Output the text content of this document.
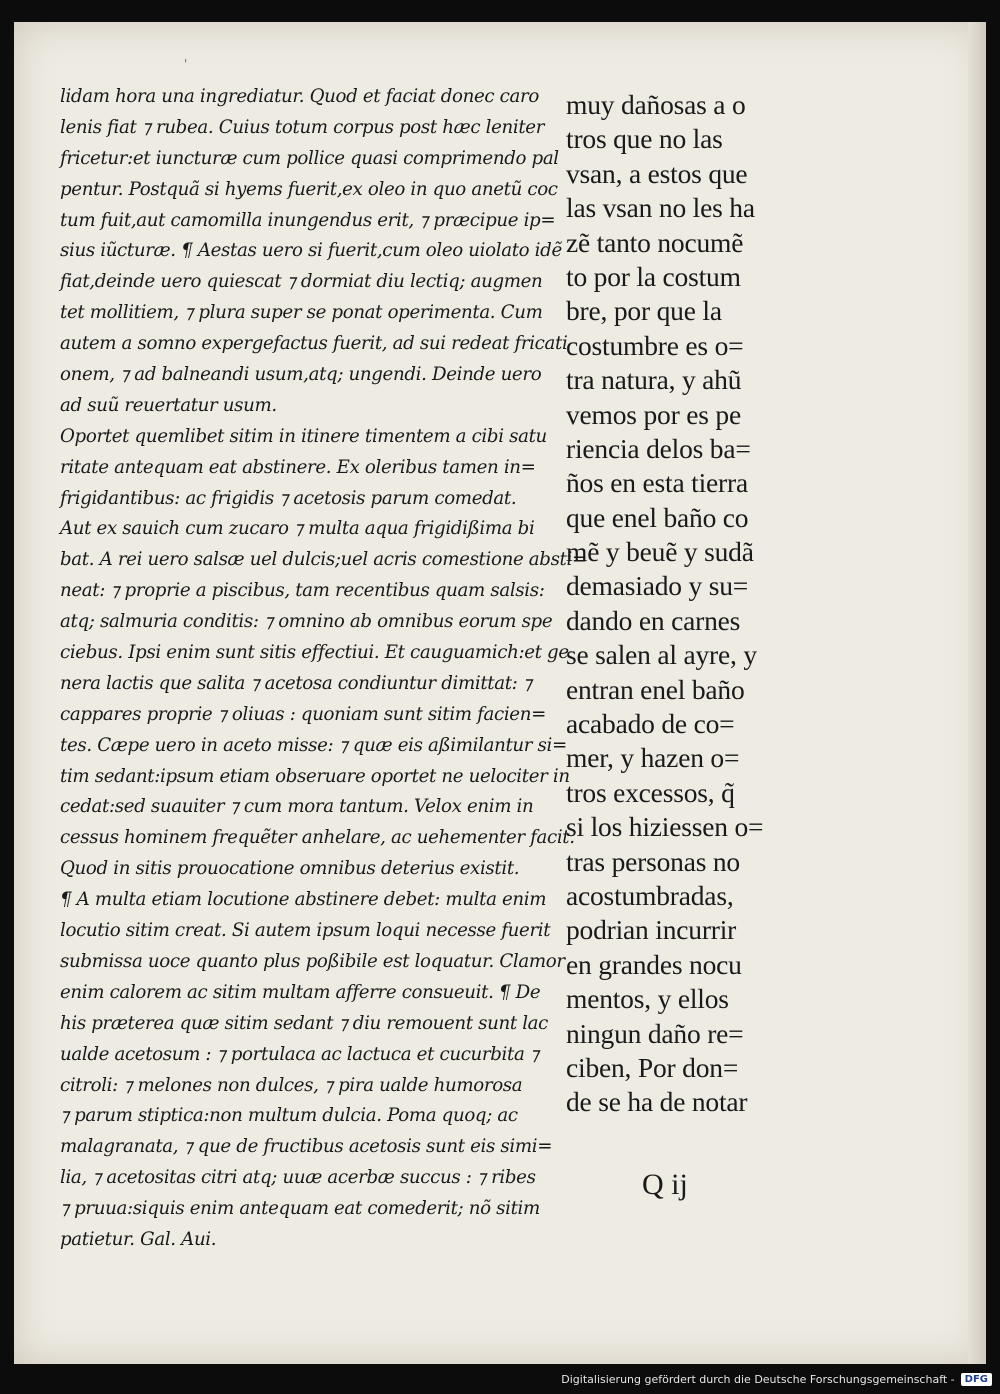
'
lidam hora una ingrediatur. Quod et faciat donec caro
lenis fiat ⁊ rubea. Cuius totum corpus post hæc leniter
fricetur:et iuncturæ cum pollice quasi comprimendo pal
pentur. Postquã si hyems fuerit,ex oleo in quo anetũ coc
tum fuit,aut camomilla inungendus erit, ⁊ præcipue ip=
sius iũcturæ. ¶ Aestas uero si fuerit,cum oleo uiolato idẽ
fiat,deinde uero quiescat ⁊ dormiat diu lectiq; augmen
tet mollitiem, ⁊ plura super se ponat operimenta. Cum
autem a somno expergefactus fuerit, ad sui redeat fricati
onem, ⁊ ad balneandi usum,atq; ungendi. Deinde uero
ad suũ reuertatur usum.
Oportet quemlibet sitim in itinere timentem a cibi satu
ritate antequam eat abstinere. Ex oleribus tamen in=
frigidantibus: ac frigidis ⁊ acetosis parum comedat.
Aut ex sauich cum zucaro ⁊ multa aqua frigidißima bi
bat. A rei uero salsæ uel dulcis;uel acris comestione absti=
neat: ⁊ proprie a piscibus, tam recentibus quam salsis:
atq; salmuria conditis: ⁊ omnino ab omnibus eorum spe
ciebus. Ipsi enim sunt sitis effectiui. Et cauguamich:et ge
nera lactis que salita ⁊ acetosa condiuntur dimittat: ⁊
cappares proprie ⁊ oliuas : quoniam sunt sitim facien=
tes. Cæpe uero in aceto misse: ⁊ quæ eis aßimilantur si=
tim sedant:ipsum etiam obseruare oportet ne uelociter in
cedat:sed suauiter ⁊ cum mora tantum. Velox enim in
cessus hominem frequẽter anhelare, ac uehementer facit.
Quod in sitis prouocatione omnibus deterius existit.
¶ A multa etiam locutione abstinere debet: multa enim
locutio sitim creat. Si autem ipsum loqui necesse fuerit
submissa uoce quanto plus poßibile est loquatur. Clamor
enim calorem ac sitim multam afferre consueuit. ¶ De
his præterea quæ sitim sedant ⁊ diu remouent sunt lac
ualde acetosum : ⁊ portulaca ac lactuca et cucurbita ⁊
citroli: ⁊ melones non dulces, ⁊ pira ualde humorosa
⁊ parum stiptica:non multum dulcia. Poma quoq; ac
malagranata, ⁊ que de fructibus acetosis sunt eis simi=
lia, ⁊ acetositas citri atq; uuæ acerbæ succus : ⁊ ribes
⁊ pruua:siquis enim antequam eat comederit; nõ sitim
patietur. Gal. Aui.
muy dañosas a o
tros que no las
vsan, a estos que
las vsan no les ha
zẽ tanto nocumẽ
to por la costum
bre, por que la
costumbre es o=
tra natura, y ahũ
vemos por es pe
riencia delos ba=
ños en esta tierra
que enel baño co
mẽ y beuẽ y sudã
demasiado y su=
dando en carnes
se salen al ayre, y
entran enel baño
acabado de co=
mer, y hazen o=
tros excessos, q̃
si los hiziessen o=
tras personas no
acostumbradas,
podrian incurrir
en grandes nocu
mentos, y ellos
ningun daño re=
ciben, Por don=
de se ha de notar
Q ij
Digitalisierung gefördert durch die Deutsche Forschungsgemeinschaft -	DFG
